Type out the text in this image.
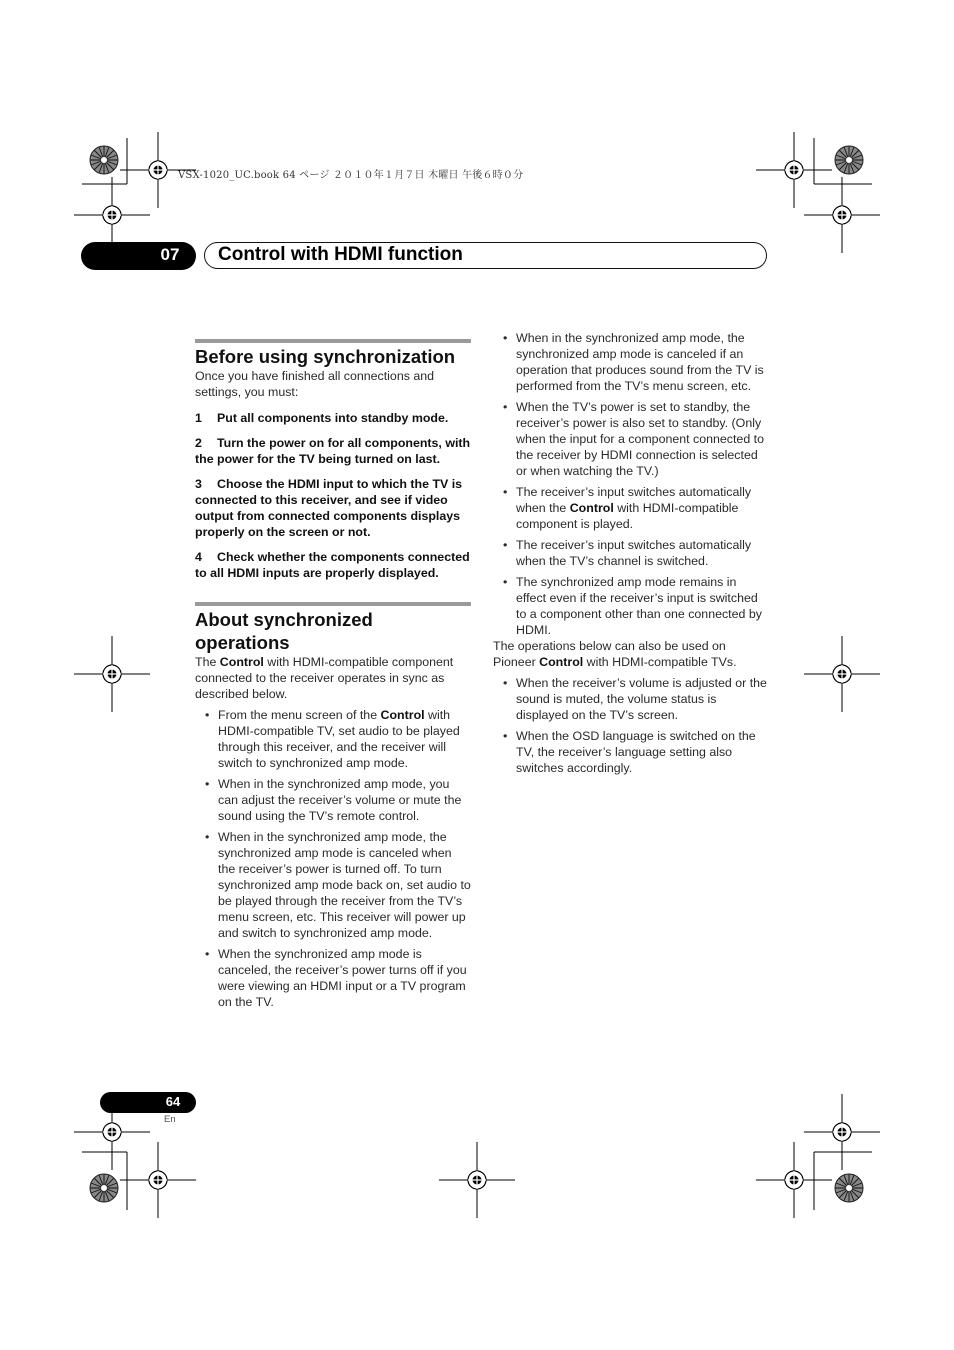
VSX-1020_UC.book 64 ページ ２０１０年１月７日 木曜日 午後６時０分
07	Control with HDMI function
Before using synchronization

Once you have finished all connections and settings, you must:

1 Put all components into standby mode.

2 Turn the power on for all components, with the power for the TV being turned on last.

3 Choose the HDMI input to which the TV is connected to this receiver, and see if video output from connected components displays properly on the screen or not.

4 Check whether the components connected to all HDMI inputs are properly displayed.

About synchronized operations

The Control with HDMI-compatible component connected to the receiver operates in sync as described below.

• From the menu screen of the Control with HDMI-compatible TV, set audio to be played through this receiver, and the receiver will switch to synchronized amp mode.
• When in the synchronized amp mode, you can adjust the receiver’s volume or mute the sound using the TV’s remote control.
• When in the synchronized amp mode, the synchronized amp mode is canceled when the receiver’s power is turned off. To turn synchronized amp mode back on, set audio to be played through the receiver from the TV’s menu screen, etc. This receiver will power up and switch to synchronized amp mode.
• When the synchronized amp mode is canceled, the receiver’s power turns off if you were viewing an HDMI input or a TV program on the TV.
• When in the synchronized amp mode, the synchronized amp mode is canceled if an operation that produces sound from the TV is performed from the TV’s menu screen, etc.
• When the TV’s power is set to standby, the receiver’s power is also set to standby. (Only when the input for a component connected to the receiver by HDMI connection is selected or when watching the TV.)
• The receiver’s input switches automatically when the Control with HDMI-compatible component is played.
• The receiver’s input switches automatically when the TV’s channel is switched.
• The synchronized amp mode remains in effect even if the receiver’s input is switched to a component other than one connected by HDMI.

The operations below can also be used on Pioneer Control with HDMI-compatible TVs.

• When the receiver’s volume is adjusted or the sound is muted, the volume status is displayed on the TV’s screen.
• When the OSD language is switched on the TV, the receiver’s language setting also switches accordingly.
64
En
